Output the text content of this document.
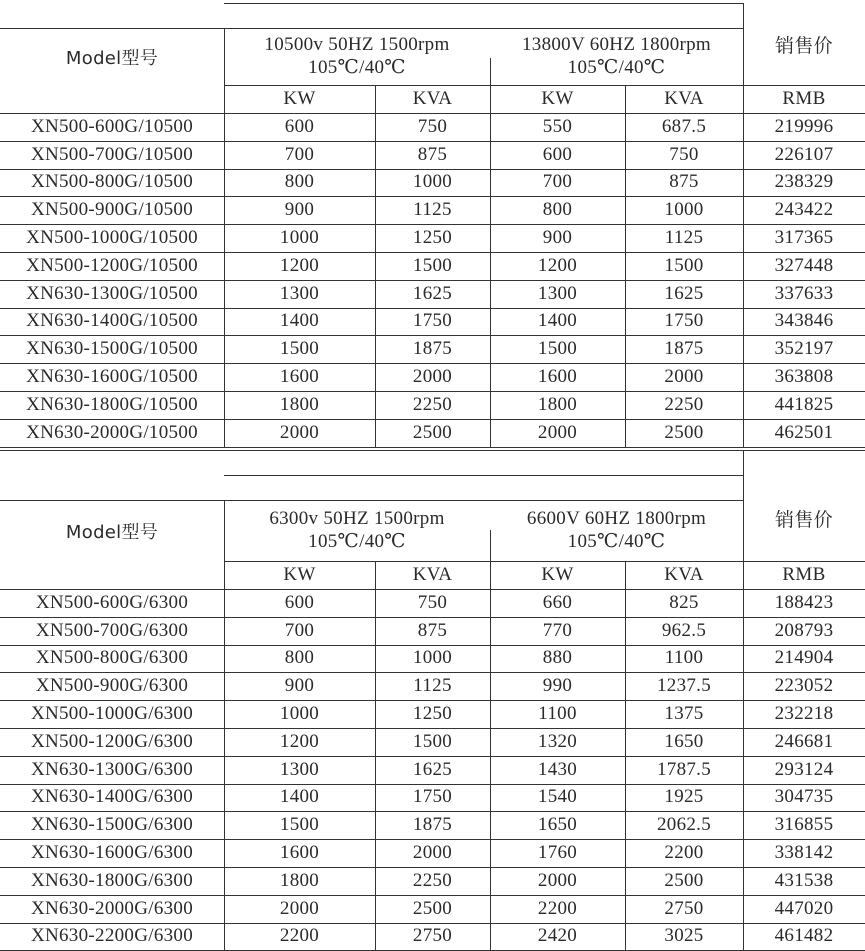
Model型号
10500v 50HZ 1500rpm
105℃/40℃
13800V 60HZ 1800rpm
105℃/40℃
销售价
KW	KVA	KW	KVA	RMB
XN500-600G/10500	600	750	550	687.5	219996
XN500-700G/10500	700	875	600	750	226107
XN500-800G/10500	800	1000	700	875	238329
XN500-900G/10500	900	1125	800	1000	243422
XN500-1000G/10500	1000	1250	900	1125	317365
XN500-1200G/10500	1200	1500	1200	1500	327448
XN630-1300G/10500	1300	1625	1300	1625	337633
XN630-1400G/10500	1400	1750	1400	1750	343846
XN630-1500G/10500	1500	1875	1500	1875	352197
XN630-1600G/10500	1600	2000	1600	2000	363808
XN630-1800G/10500	1800	2250	1800	2250	441825
XN630-2000G/10500	2000	2500	2000	2500	462501
Model型号
6300v 50HZ 1500rpm
105℃/40℃
6600V 60HZ 1800rpm
105℃/40℃
销售价
KW	KVA	KW	KVA	RMB
XN500-600G/6300	600	750	660	825	188423
XN500-700G/6300	700	875	770	962.5	208793
XN500-800G/6300	800	1000	880	1100	214904
XN500-900G/6300	900	1125	990	1237.5	223052
XN500-1000G/6300	1000	1250	1100	1375	232218
XN500-1200G/6300	1200	1500	1320	1650	246681
XN630-1300G/6300	1300	1625	1430	1787.5	293124
XN630-1400G/6300	1400	1750	1540	1925	304735
XN630-1500G/6300	1500	1875	1650	2062.5	316855
XN630-1600G/6300	1600	2000	1760	2200	338142
XN630-1800G/6300	1800	2250	2000	2500	431538
XN630-2000G/6300	2000	2500	2200	2750	447020
XN630-2200G/6300	2200	2750	2420	3025	461482
